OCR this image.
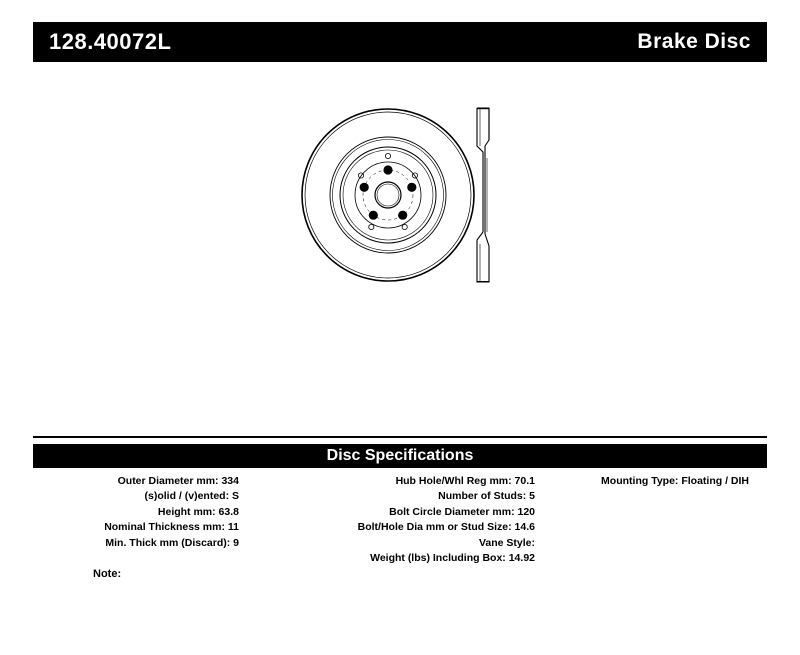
128.40072L	Brake Disc
Disc Specifications
Outer Diameter mm: 334
(s)olid / (v)ented: S
Height mm: 63.8
Nominal Thickness mm: 11
Min. Thick mm (Discard): 9
Hub Hole/Whl Reg mm: 70.1
Number of Studs: 5
Bolt Circle Diameter mm: 120
Bolt/Hole Dia mm or Stud Size: 14.6
Vane Style:
Weight (lbs) Including Box: 14.92
Mounting Type: Floating / DIH
Note:
